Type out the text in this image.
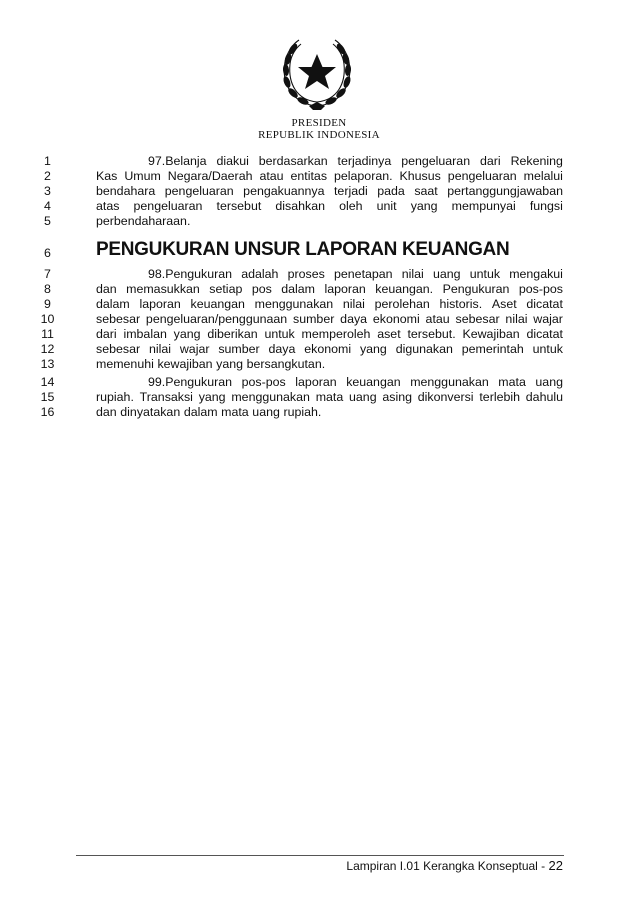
PRESIDEN
REPUBLIK INDONESIA
1
2
3
4
5
6
7
8
9
10
11
12
13
14
15
16
97.Belanja diakui berdasarkan terjadinya pengeluaran dari Rekening
Kas Umum Negara/Daerah atau entitas pelaporan. Khusus pengeluaran melalui
bendahara pengeluaran pengakuannya terjadi pada saat pertanggungjawaban
atas pengeluaran tersebut disahkan oleh unit yang mempunyai fungsi
perbendaharaan.
PENGUKURAN UNSUR LAPORAN KEUANGAN
98.Pengukuran adalah proses penetapan nilai uang untuk mengakui
dan memasukkan setiap pos dalam laporan keuangan. Pengukuran pos-pos
dalam laporan keuangan menggunakan nilai perolehan historis. Aset dicatat
sebesar pengeluaran/penggunaan sumber daya ekonomi atau sebesar nilai wajar
dari imbalan yang diberikan untuk memperoleh aset tersebut. Kewajiban dicatat
sebesar nilai wajar sumber daya ekonomi yang digunakan pemerintah untuk
memenuhi kewajiban yang bersangkutan.
99.Pengukuran pos-pos laporan keuangan menggunakan mata uang
rupiah. Transaksi yang menggunakan mata uang asing dikonversi terlebih dahulu
dan dinyatakan dalam mata uang rupiah.
Lampiran I.01 Kerangka Konseptual - 22
